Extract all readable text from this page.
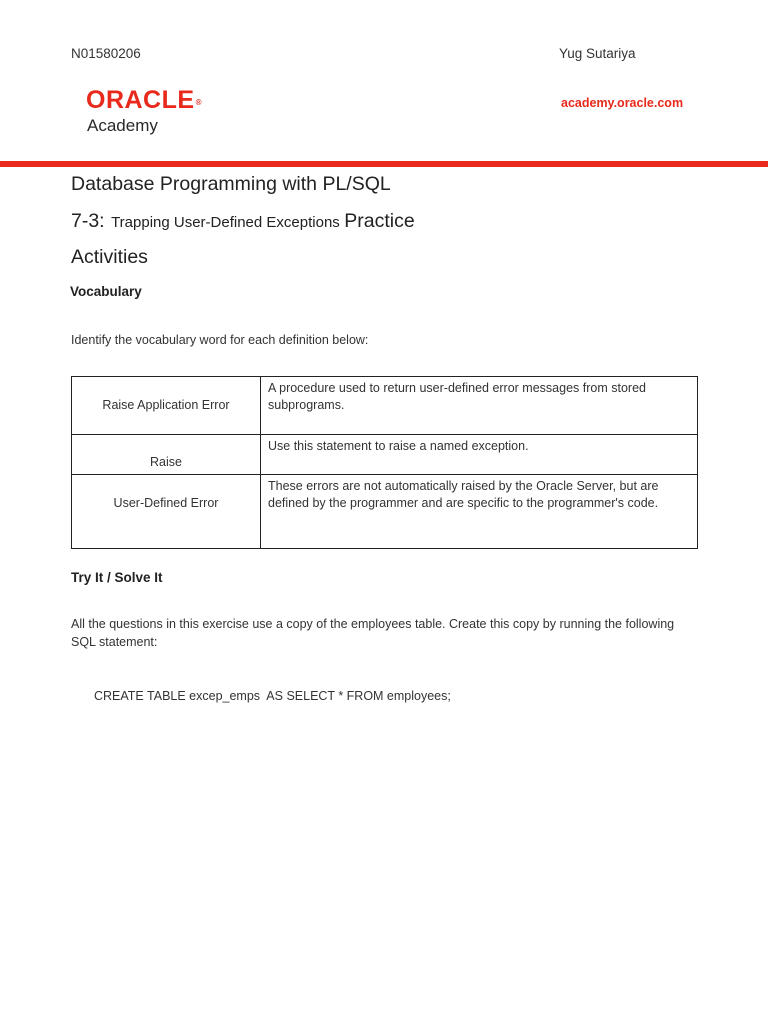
N01580206	Yug Sutariya
ORACLE®
Academy
academy.oracle.com
Database Programming with PL/SQL
7-3: Trapping User-Defined Exceptions Practice
Activities
Vocabulary
Identify the vocabulary word for each definition below:
Raise Application Error	A procedure used to return user-defined error messages from stored subprograms.
Raise	Use this statement to raise a named exception.
User-Defined Error	These errors are not automatically raised by the Oracle Server, but are defined by the programmer and are specific to the programmer's code.
Try It / Solve It
All the questions in this exercise use a copy of the employees table. Create this copy by running the following SQL statement:
CREATE TABLE excep_emps  AS SELECT * FROM employees;
